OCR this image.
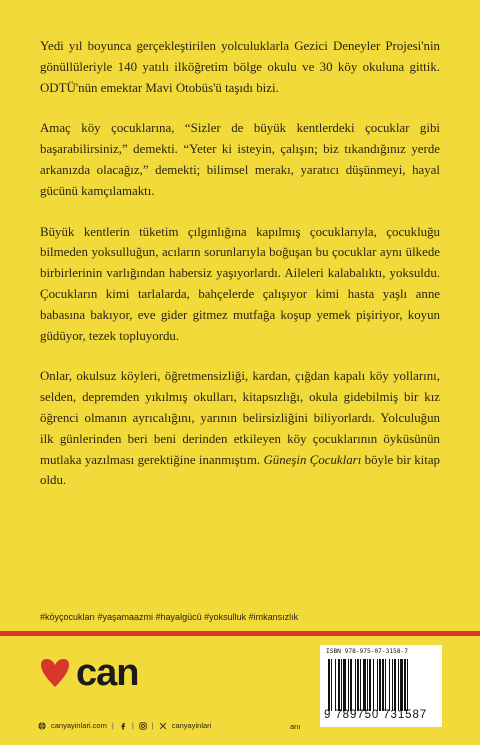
Yedi yıl boyunca gerçekleştirilen yolculuklarla Gezici Deneyler Projesi'nin gönüllüleriyle 140 yatılı ilköğretim bölge okulu ve 30 köy okuluna gittik. ODTÜ'nün emektar Mavi Otobüs'ü taşıdı bizi.

Amaç köy çocuklarına, “Sizler de büyük kentlerdeki çocuklar gibi başarabilirsiniz,” demekti. “Yeter ki isteyin, çalışın; biz tıkandığınız yerde arkanızda olacağız,” demekti; bilimsel merakı, yaratıcı düşünmeyi, hayal gücünü kamçılamaktı.

Büyük kentlerin tüketim çılgınlığına kapılmış çocuklarıyla, çocukluğu bilmeden yoksulluğun, acıların sorunlarıyla boğuşan bu çocuklar aynı ülkede birbirlerinin varlığından habersiz yaşıyorlardı. Aileleri kalabalıktı, yoksuldu. Çocukların kimi tarlalarda, bahçelerde çalışıyor kimi hasta yaşlı anne babasına bakıyor, eve gider gitmez mutfağa koşup yemek pişiriyor, koyun güdüyor, tezek topluyordu.

Onlar, okulsuz köyleri, öğretmensizliği, kardan, çığdan kapalı köy yollarını, selden, depremden yıkılmış okulları, kitapsızlığı, okula gidebilmiş bir kız öğrenci olmanın ayrıcalığını, yarının belirsizliğini biliyorlardı. Yolculuğun ilk günlerinden beri beni derinden etkileyen köy çocuklarının öyküsünün mutlaka yazılması gerektiğine inanmıştım. Güneşin Çocukları böyle bir kitap oldu.

#köyçocukları #yaşamaazmi #hayalgücü #yoksulluk #imkansızlık
can
canyayinlari.com | | | canyayinlari	anı
ISBN 978-975-07-3158-7
9 789750 731587
